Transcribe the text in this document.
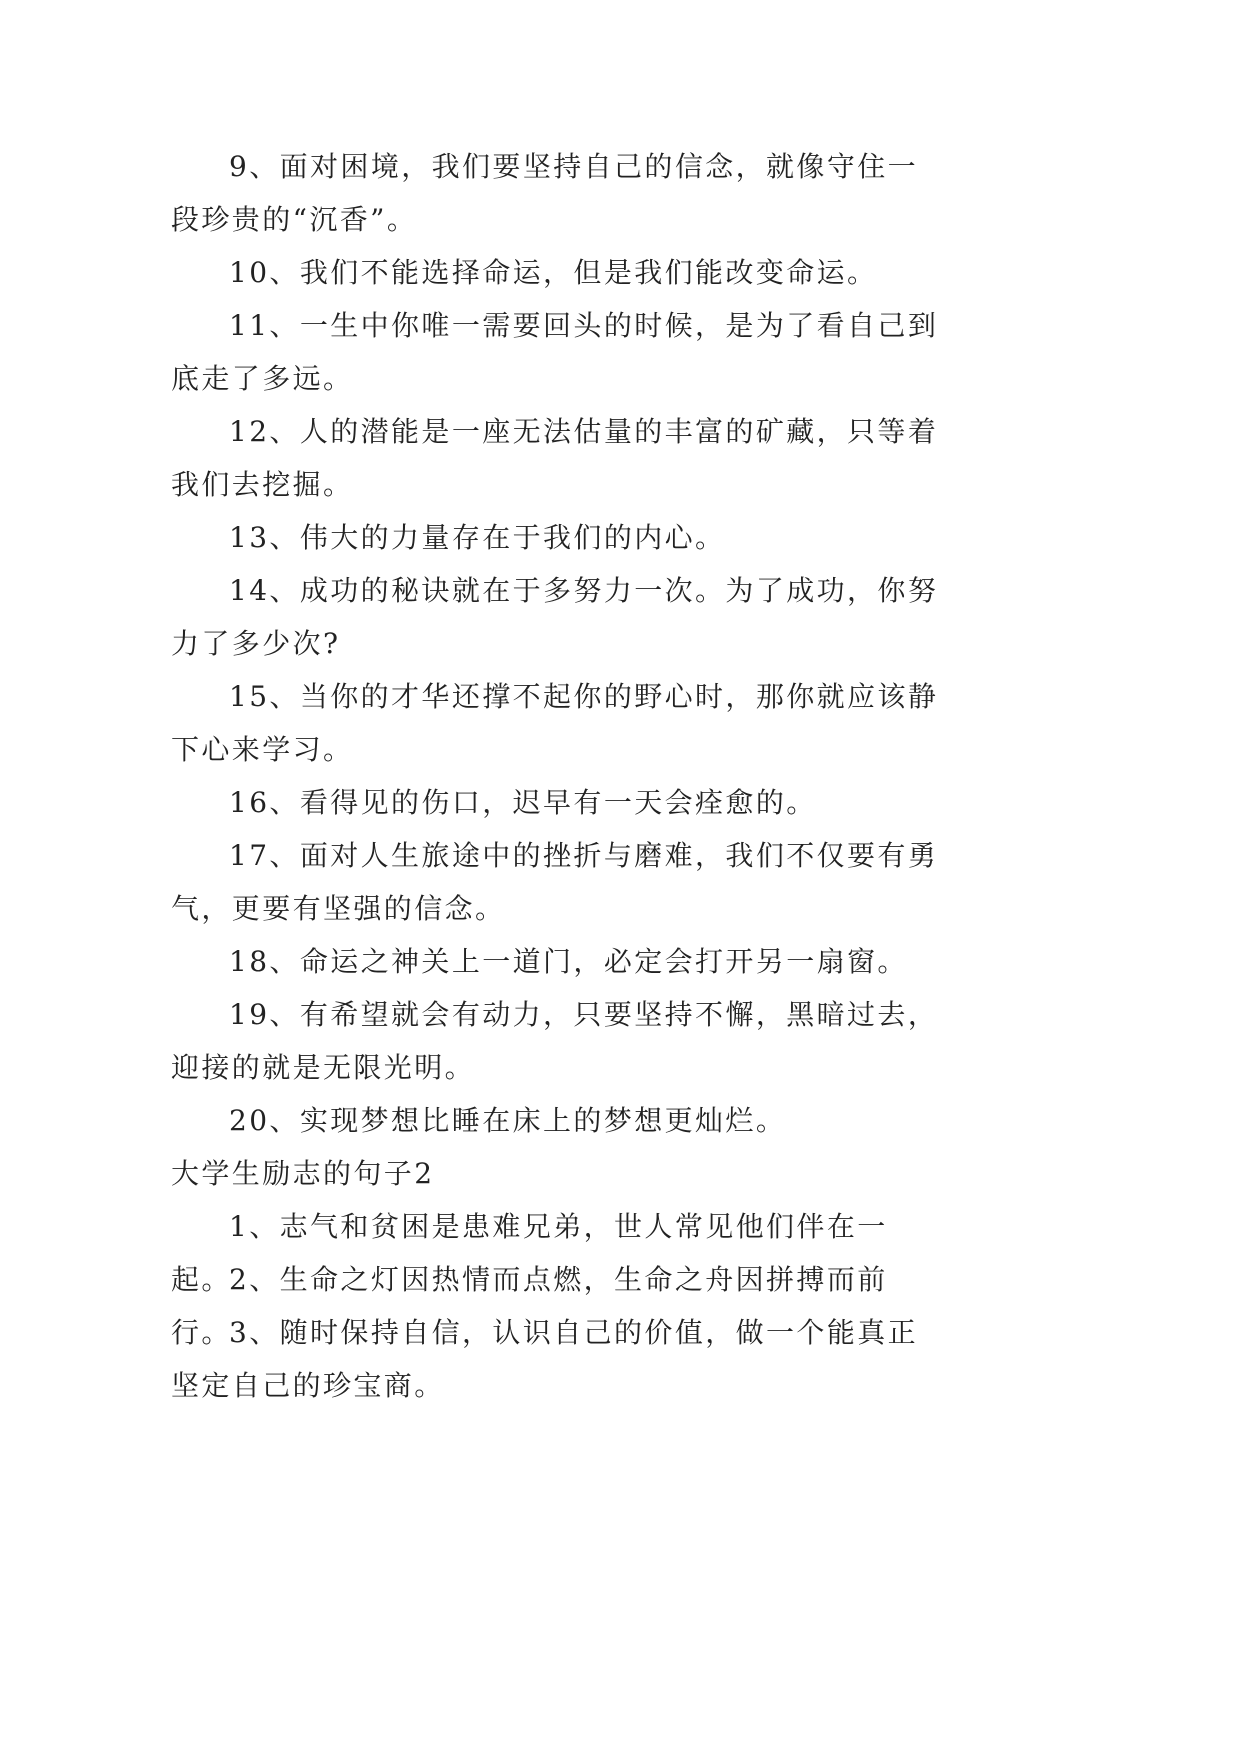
9、面对困境，我们要坚持自己的信念，就像守住一段珍贵的“沉香”。

10、我们不能选择命运，但是我们能改变命运。

11、一生中你唯一需要回头的时候，是为了看自己到底走了多远。

12、人的潜能是一座无法估量的丰富的矿藏，只等着我们去挖掘。

13、伟大的力量存在于我们的内心。

14、成功的秘诀就在于多努力一次。为了成功，你努力了多少次?

15、当你的才华还撑不起你的野心时，那你就应该静下心来学习。

16、看得见的伤口，迟早有一天会痊愈的。

17、面对人生旅途中的挫折与磨难，我们不仅要有勇气，更要有坚强的信念。

18、命运之神关上一道门，必定会打开另一扇窗。

19、有希望就会有动力，只要坚持不懈，黑暗过去，迎接的就是无限光明。

20、实现梦想比睡在床上的梦想更灿烂。

大学生励志的句子2

1、志气和贫困是患难兄弟，世人常见他们伴在一起。

2、生命之灯因热情而点燃，生命之舟因拼搏而前行。

3、随时保持自信，认识自己的价值，做一个能真正坚定自己的珍宝商。
